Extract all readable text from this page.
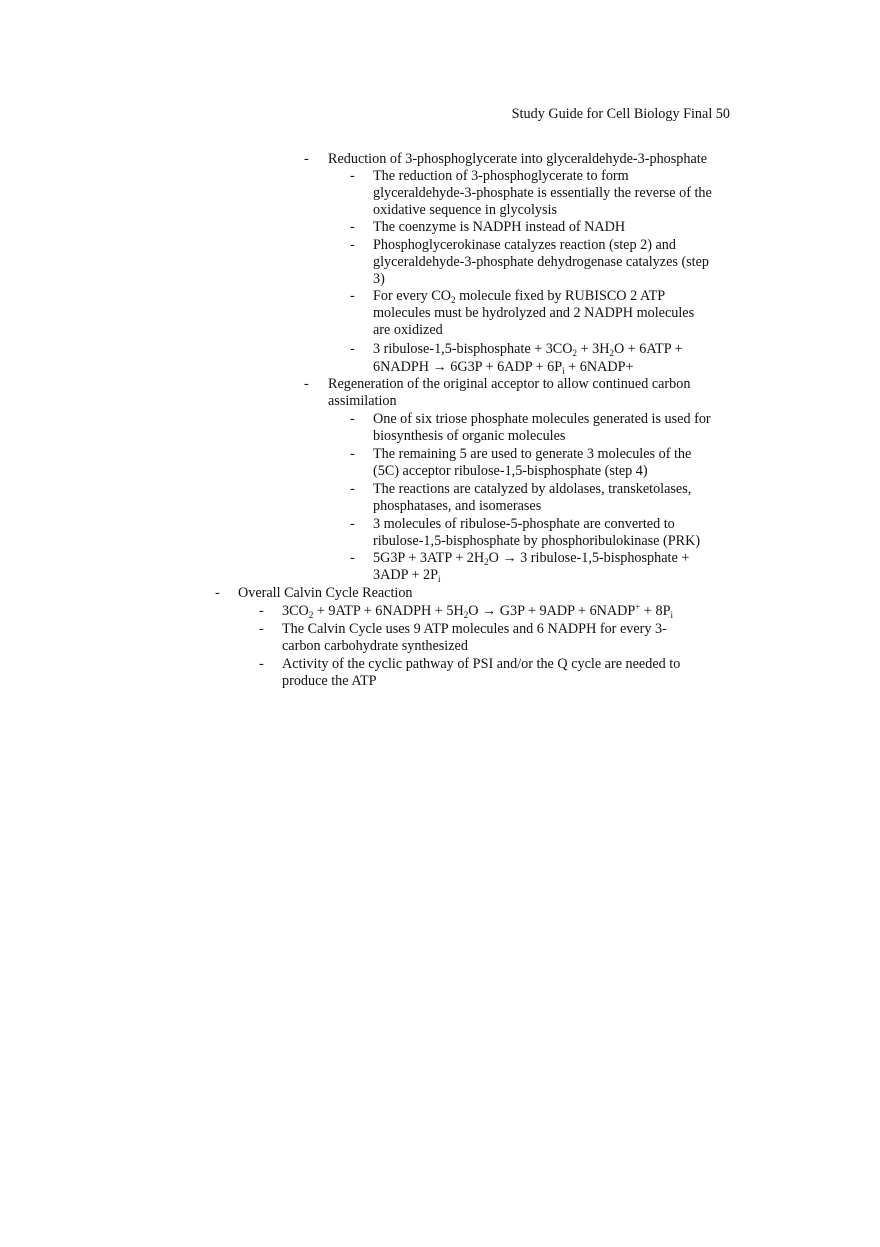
Study Guide for Cell Biology Final 50
- Reduction of 3-phosphoglycerate into glyceraldehyde-3-phosphate
- The reduction of 3-phosphoglycerate to form
glyceraldehyde-3-phosphate is essentially the reverse of the
oxidative sequence in glycolysis
- The coenzyme is NADPH instead of NADH
- Phosphoglycerokinase catalyzes reaction (step 2) and
glyceraldehyde-3-phosphate dehydrogenase catalyzes (step
3)
- For every $CO_2$ molecule fixed by RUBISCO 2 ATP
molecules must be hydrolyzed and 2 NADPH molecules
are oxidized
- 3 ribulose-1,5-bisphosphate + $3CO_2 + 3H_2O + 6ATP$ +
6NADPH → $6G3P + 6ADP + 6P_i$ + 6NADP+
- Regeneration of the original acceptor to allow continued carbon
assimilation
- One of six triose phosphate molecules generated is used for
biosynthesis of organic molecules
- The remaining 5 are used to generate 3 molecules of the
(5C) acceptor ribulose-1,5-bisphosphate (step 4)
- The reactions are catalyzed by aldolases, transketolases,
phosphatases, and isomerases
- 3 molecules of ribulose-5-phosphate are converted to
ribulose-1,5-bisphosphate by phosphoribulokinase (PRK)
- $5G3P + 3ATP + 2H_2O \to 3$ ribulose-1,5-bisphosphate +
$3ADP + 2P_i$
- Overall Calvin Cycle Reaction
- $3CO_2 + 9ATP$ + 6NADPH + $5H_2O \to G3P + 9ADP$ + 6NADP+ + $8P_i$
- The Calvin Cycle uses 9 ATP molecules and 6 NADPH for every 3-
carbon carbohydrate synthesized
- Activity of the cyclic pathway of PSI and/or the Q cycle are needed to
produce the ATP
